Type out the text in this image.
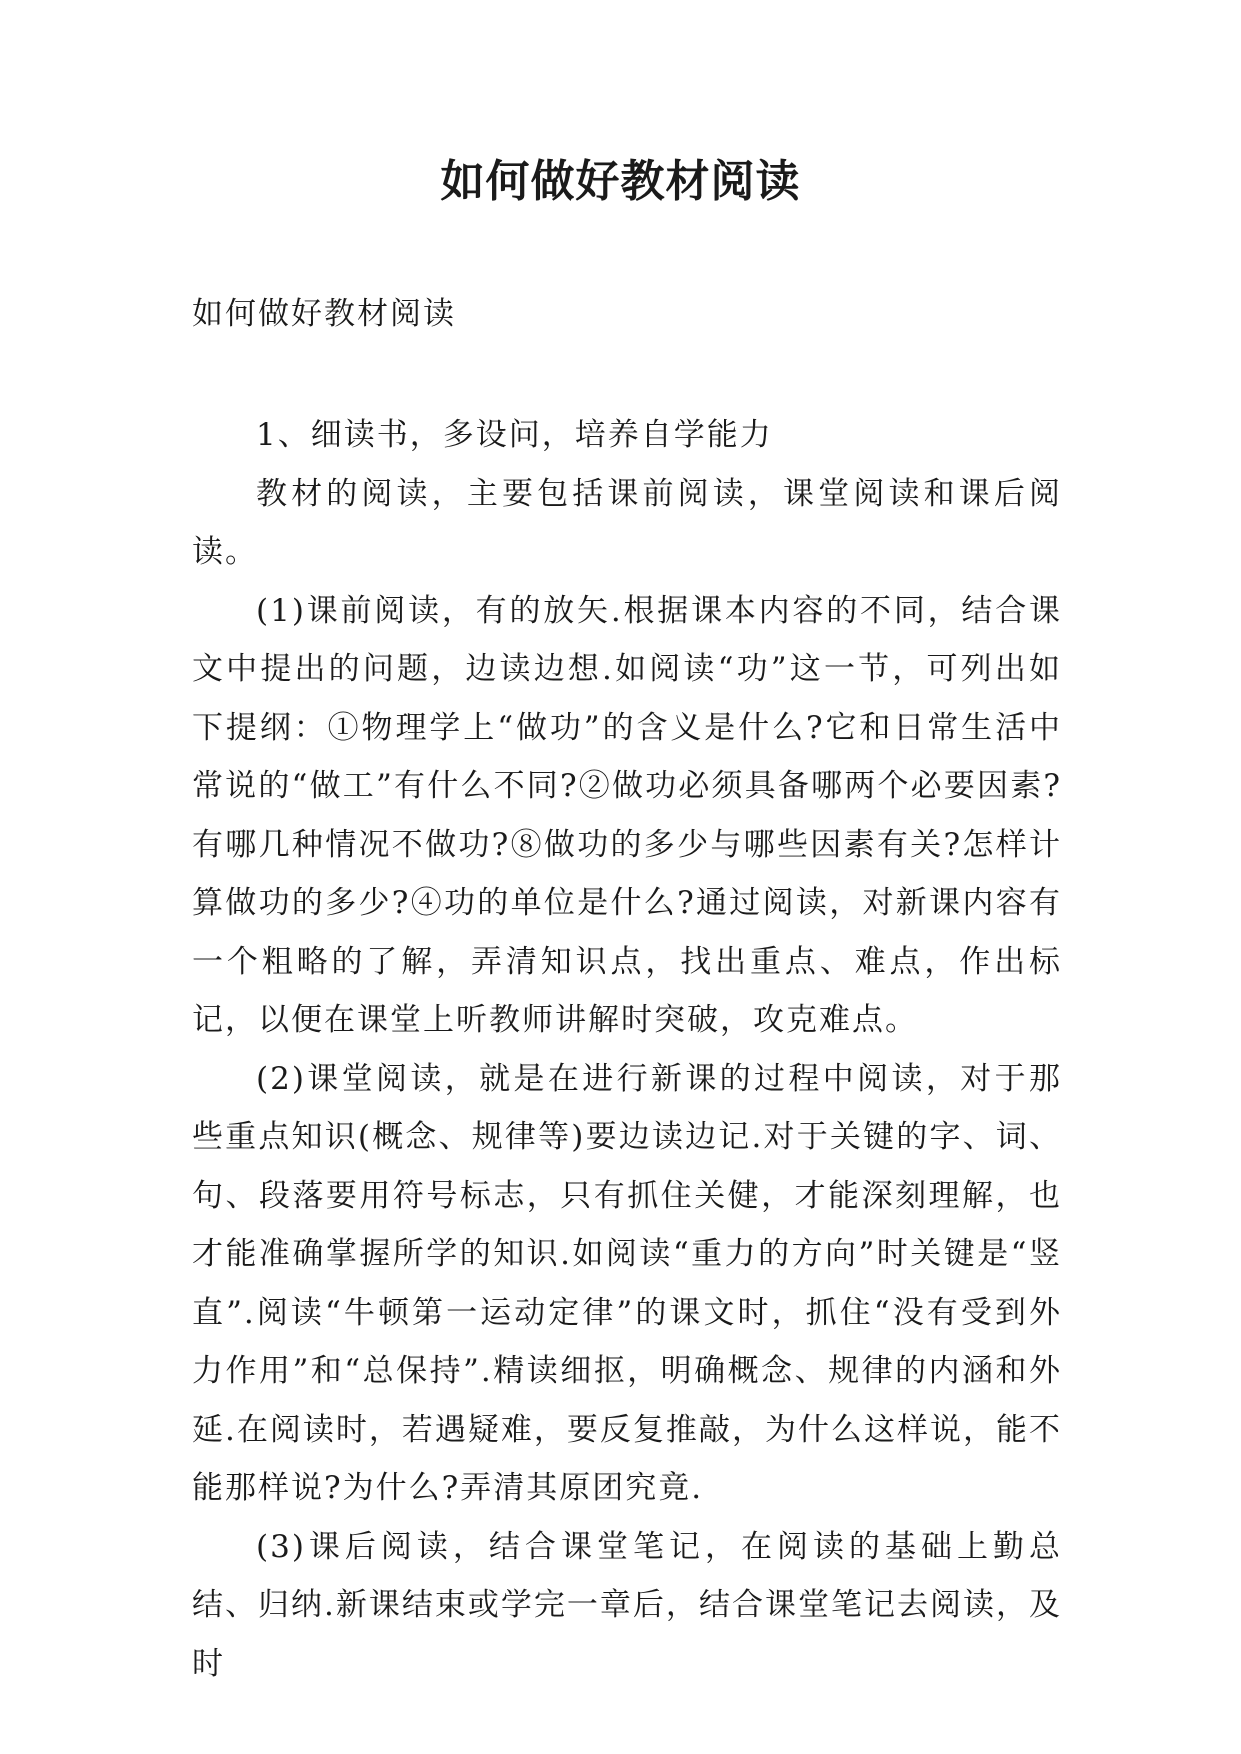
如何做好教材阅读
如何做好教材阅读

1、细读书，多设问，培养自学能力

教材的阅读，主要包括课前阅读，课堂阅读和课后阅读。

(1)课前阅读，有的放矢.根据课本内容的不同，结合课文中提出的问题，边读边想.如阅读“功”这一节，可列出如下提纲：①物理学上“做功”的含义是什么?它和日常生活中常说的“做工”有什么不同?②做功必须具备哪两个必要因素?有哪几种情况不做功?⑧做功的多少与哪些因素有关?怎样计算做功的多少?④功的单位是什么?通过阅读，对新课内容有一个粗略的了解，弄清知识点，找出重点、难点，作出标记，以便在课堂上听教师讲解时突破，攻克难点。

(2)课堂阅读，就是在进行新课的过程中阅读，对于那些重点知识(概念、规律等)要边读边记.对于关键的字、词、句、段落要用符号标志，只有抓住关健，才能深刻理解，也才能准确掌握所学的知识.如阅读“重力的方向”时关键是“竖直”.阅读“牛顿第一运动定律”的课文时，抓住“没有受到外力作用”和“总保持”.精读细抠，明确概念、规律的内涵和外延.在阅读时，若遇疑难，要反复推敲，为什么这样说，能不能那样说?为什么?弄清其原团究竟.

(3)课后阅读，结合课堂笔记，在阅读的基础上勤总结、归纳.新课结束或学完一章后，结合课堂笔记去阅读，及时
